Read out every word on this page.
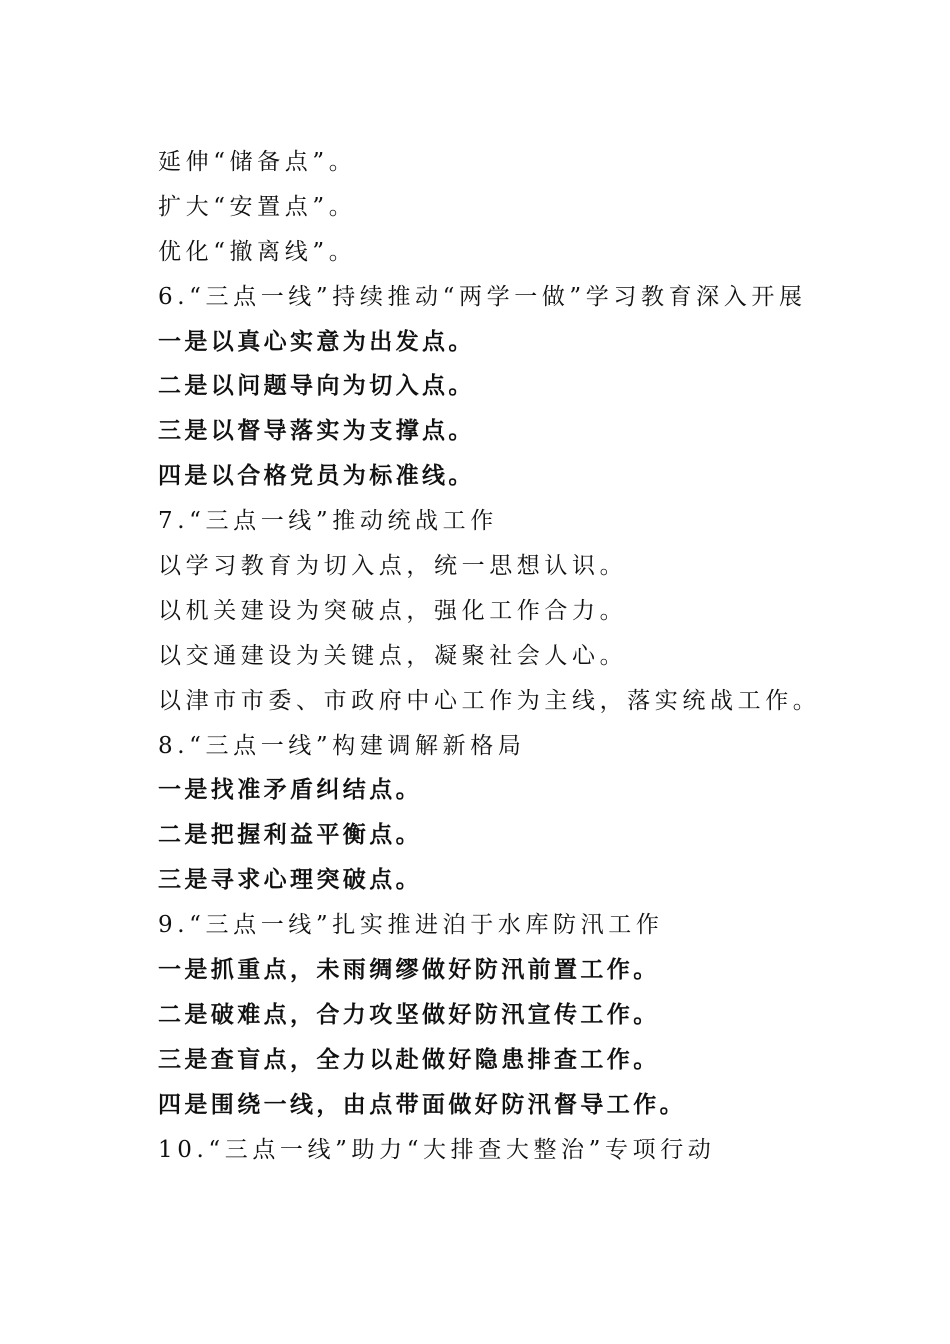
延伸“储备点”。

扩大“安置点”。

优化“撤离线”。

6.“三点一线”持续推动“两学一做”学习教育深入开展

一是以真心实意为出发点。

二是以问题导向为切入点。

三是以督导落实为支撑点。

四是以合格党员为标准线。

7.“三点一线”推动统战工作

以学习教育为切入点，统一思想认识。

以机关建设为突破点，强化工作合力。

以交通建设为关键点，凝聚社会人心。

以津市市委、市政府中心工作为主线，落实统战工作。

8.“三点一线”构建调解新格局

一是找准矛盾纠结点。

二是把握利益平衡点。

三是寻求心理突破点。

9.“三点一线”扎实推进泊于水库防汛工作

一是抓重点，未雨绸缪做好防汛前置工作。

二是破难点，合力攻坚做好防汛宣传工作。

三是查盲点，全力以赴做好隐患排查工作。

四是围绕一线，由点带面做好防汛督导工作。

10.“三点一线”助力“大排查大整治”专项行动
